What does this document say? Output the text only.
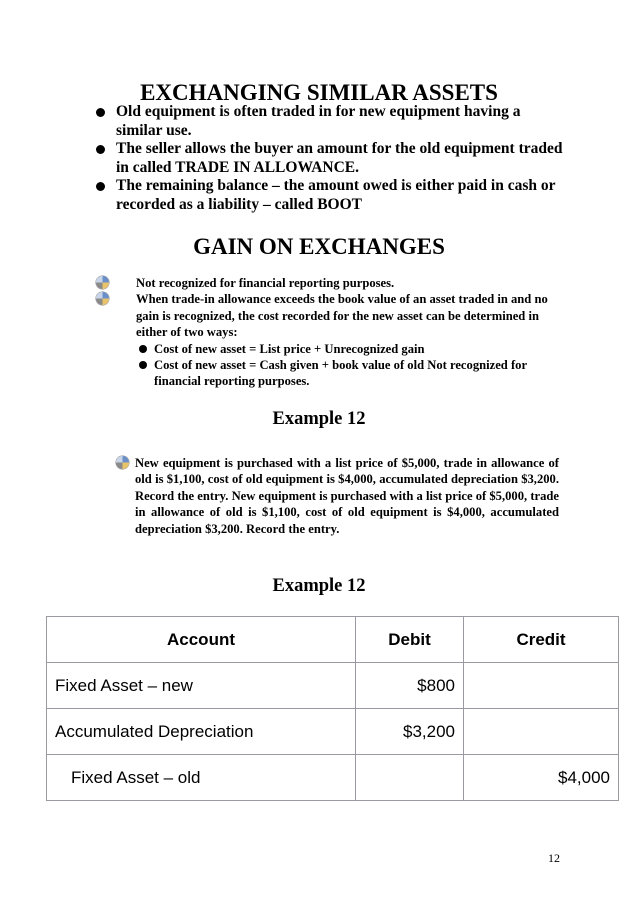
EXCHANGING SIMILAR ASSETS
Old equipment is often traded in for new equipment having a similar use.
The seller allows the buyer an amount for the old equipment traded in called TRADE IN ALLOWANCE.
The remaining balance – the amount owed is either paid in cash or recorded as a liability – called BOOT
GAIN ON EXCHANGES
Not recognized for financial reporting purposes.
When trade-in allowance exceeds the book value of an asset traded in and no gain is recognized, the cost recorded for the new asset can be determined in either of two ways:
Cost of new asset = List price + Unrecognized gain
Cost of new asset = Cash given + book value of old Not recognized for financial reporting purposes.
Example 12
New equipment is purchased with a list price of $5,000, trade in allowance of old is $1,100, cost of old equipment is $4,000, accumulated depreciation $3,200. Record the entry. New equipment is purchased with a list price of $5,000, trade in allowance of old is $1,100, cost of old equipment is $4,000, accumulated depreciation $3,200. Record the entry.
Example 12
Account	Debit	Credit
Fixed Asset – new	$800	
Accumulated Depreciation	$3,200	
Fixed Asset – old		$4,000
12
